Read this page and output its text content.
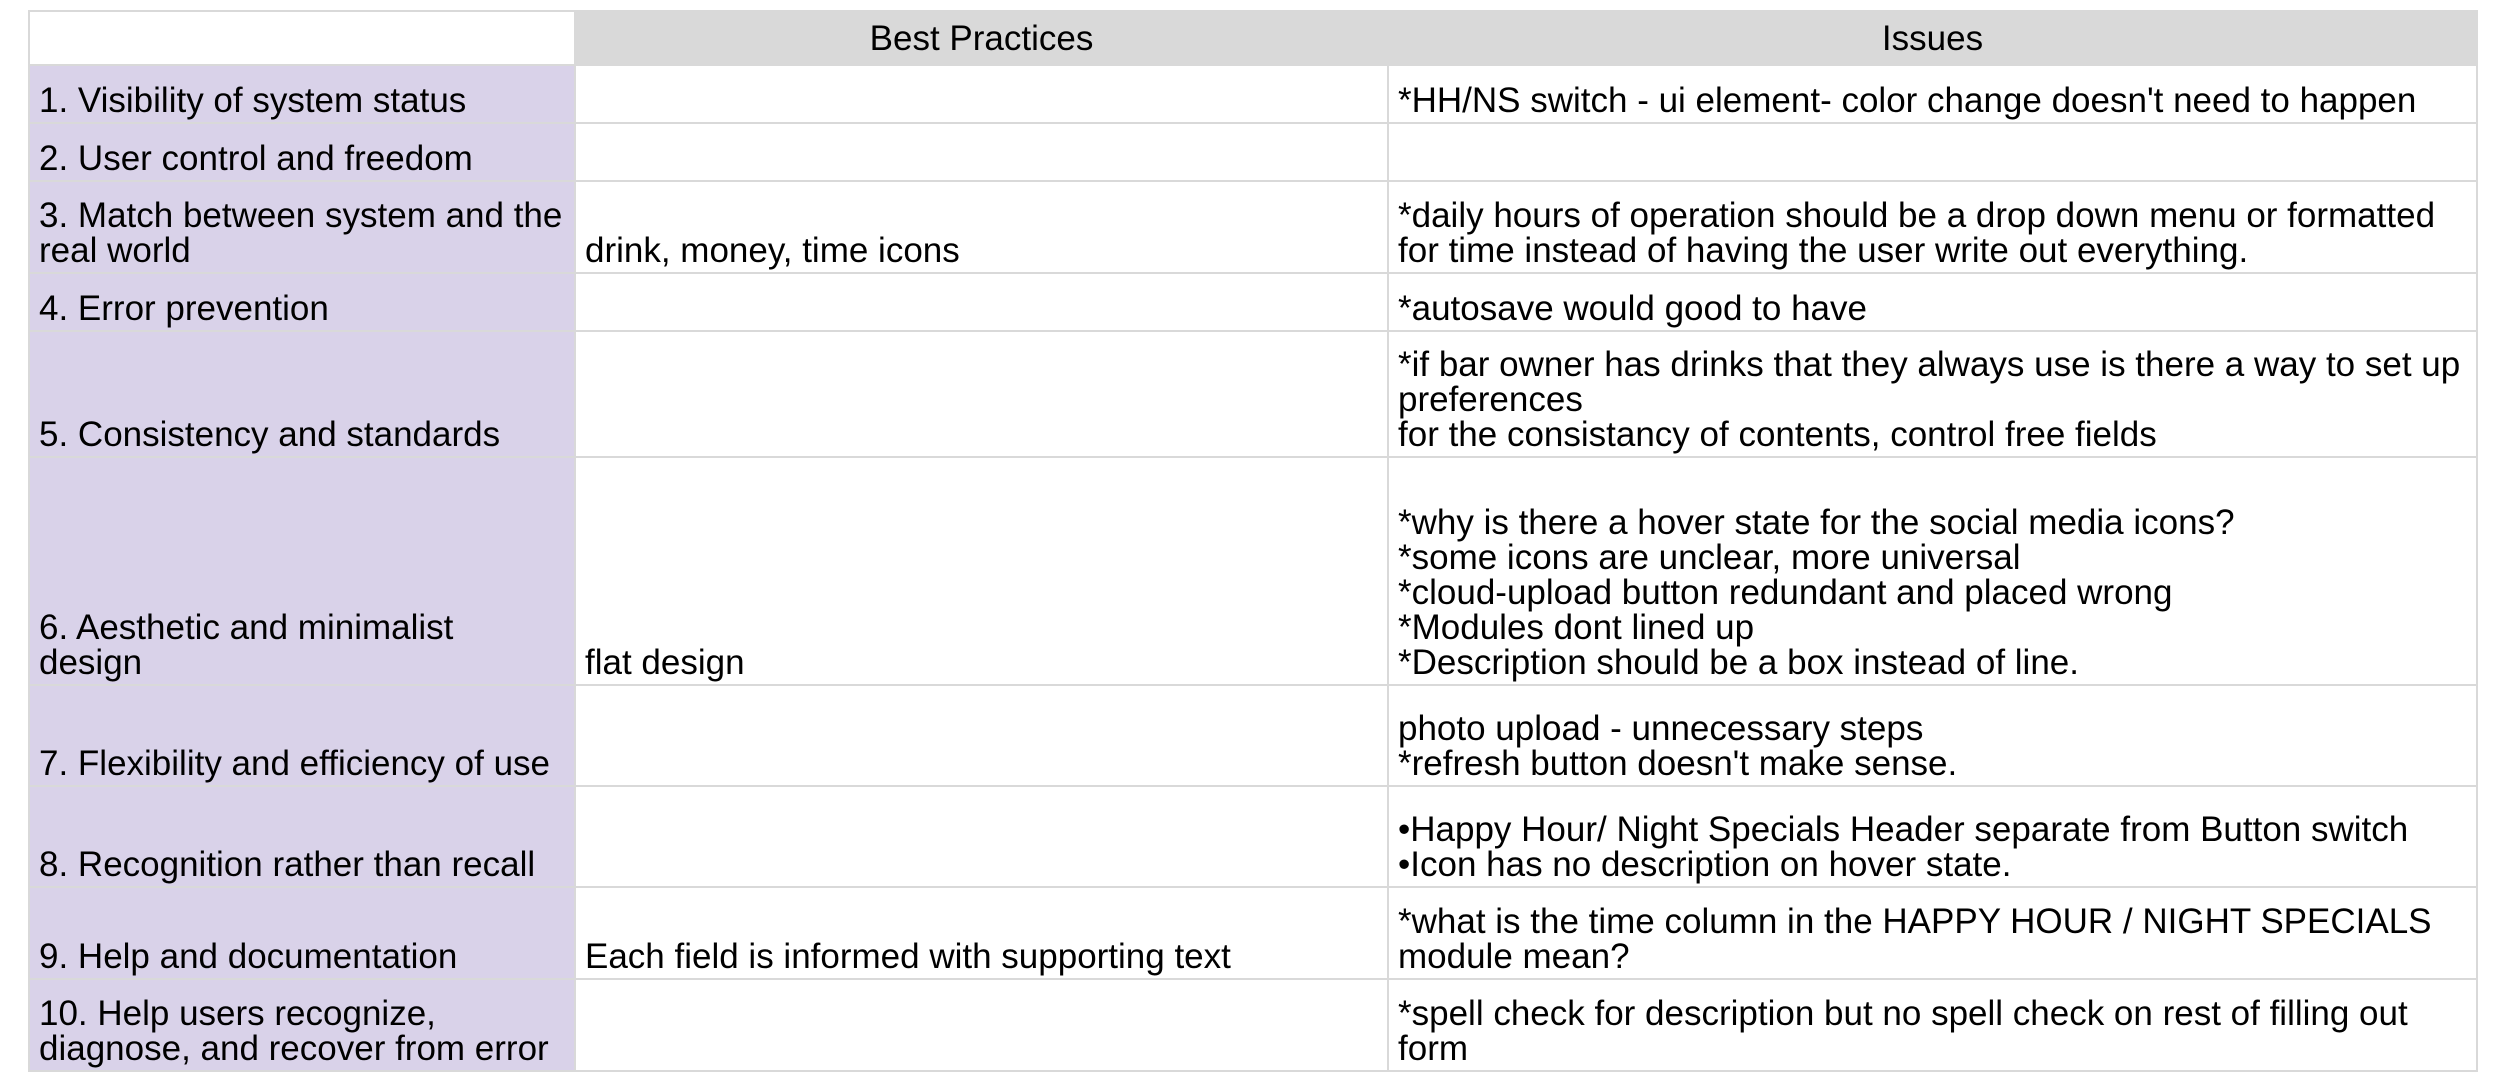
	Best Practices	Issues
1. Visibility of system status		*HH/NS switch - ui element- color change doesn't need to happen
2. User control and freedom		
3. Match between system and the real world	drink, money, time icons	*daily hours of operation should be a drop down menu or formatted for time instead of having the user write out everything.
4. Error prevention		*autosave would good to have
5. Consistency and standards		*if bar owner has drinks that they always use is there a way to set up preferences
for the consistancy of contents, control free fields
6. Aesthetic and minimalist design	flat design	*why is there a hover state for the social media icons?
*some icons are unclear, more universal
*cloud-upload button redundant and placed wrong
*Modules dont lined up
*Description should be a box instead of line.
7. Flexibility and efficiency of use		photo upload - unnecessary steps
*refresh button doesn't make sense.
8. Recognition rather than recall		•Happy Hour/ Night Specials Header separate from Button switch
•Icon has no description on hover state.
9. Help and documentation	Each field is informed with supporting text	*what is the time column in the HAPPY HOUR / NIGHT SPECIALS module mean?
10. Help users recognize, diagnose, and recover from error		*spell check for description but no spell check on rest of filling out form
